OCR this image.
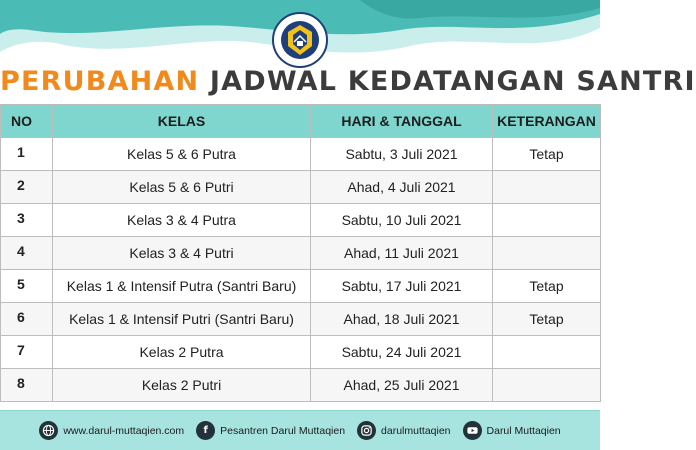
PERUBAHAN JADWAL KEDATANGAN SANTRI
NO	KELAS	HARI & TANGGAL	KETERANGAN
1	Kelas 5 & 6 Putra	Sabtu, 3 Juli 2021	Tetap
2	Kelas 5 & 6 Putri	Ahad, 4 Juli 2021	
3	Kelas 3 & 4 Putra	Sabtu, 10 Juli 2021	
4	Kelas 3 & 4 Putri	Ahad, 11 Juli 2021	
5	Kelas 1 & Intensif Putra (Santri Baru)	Sabtu, 17 Juli 2021	Tetap
6	Kelas 1 & Intensif Putri (Santri Baru)	Ahad, 18 Juli 2021	Tetap
7	Kelas 2 Putra	Sabtu, 24 Juli 2021	
8	Kelas 2 Putri	Ahad, 25 Juli 2021	
www.darul-muttaqien.com	f	Pesantren Darul Muttaqien	darulmuttaqien	Darul Muttaqien
